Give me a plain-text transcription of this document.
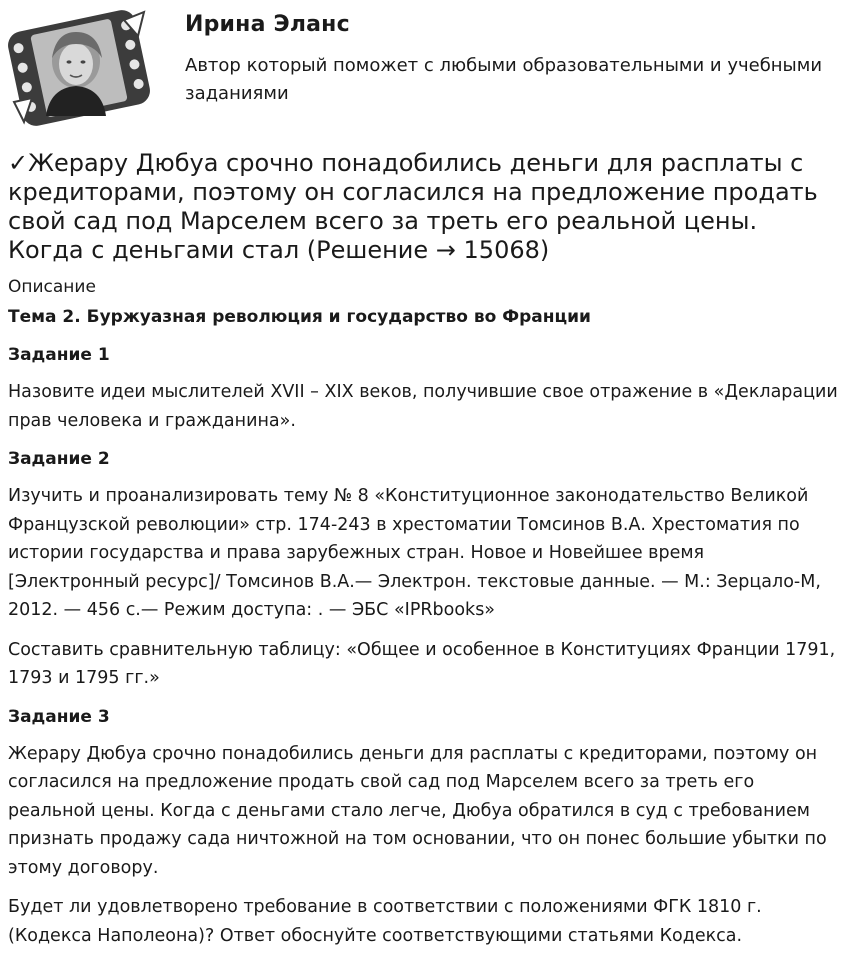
Ирина Эланс

Автор который поможет с любыми образовательными и учебными заданиями

✓Жерару Дюбуа срочно понадобились деньги для расплаты с кредиторами, поэтому он согласился на предложение продать свой сад под Марселем всего за треть его реальной цены. Когда с деньгами стал (Решение → 15068)

Описание

Тема 2. Буржуазная революция и государство во Франции

Задание 1

Назовите идеи мыслителей XVII – XIX веков, получившие свое отражение в «Декларации прав человека и гражданина».

Задание 2

Изучить и проанализировать тему № 8 «Конституционное законодательство Великой Французской революции» стр. 174-243 в хрестоматии Томсинов В.А. Хрестоматия по истории государства и права зарубежных стран. Новое и Новейшее время [Электронный ресурс]/ Томсинов В.А.— Электрон. текстовые данные. — М.: Зерцало-М, 2012. — 456 с.— Режим доступа: . — ЭБС «IPRbooks»

Составить сравнительную таблицу: «Общее и особенное в Конституциях Франции 1791, 1793 и 1795 гг.»

Задание 3

Жерару Дюбуа срочно понадобились деньги для расплаты с кредиторами, поэтому он согласился на предложение продать свой сад под Марселем всего за треть его реальной цены. Когда с деньгами стало легче, Дюбуа обратился в суд с требованием признать продажу сада ничтожной на том основании, что он понес большие убытки по этому договору.

Будет ли удовлетворено требование в соответствии с положениями ФГК 1810 г. (Кодекса Наполеона)? Ответ обоснуйте соответствующими статьями Кодекса.
